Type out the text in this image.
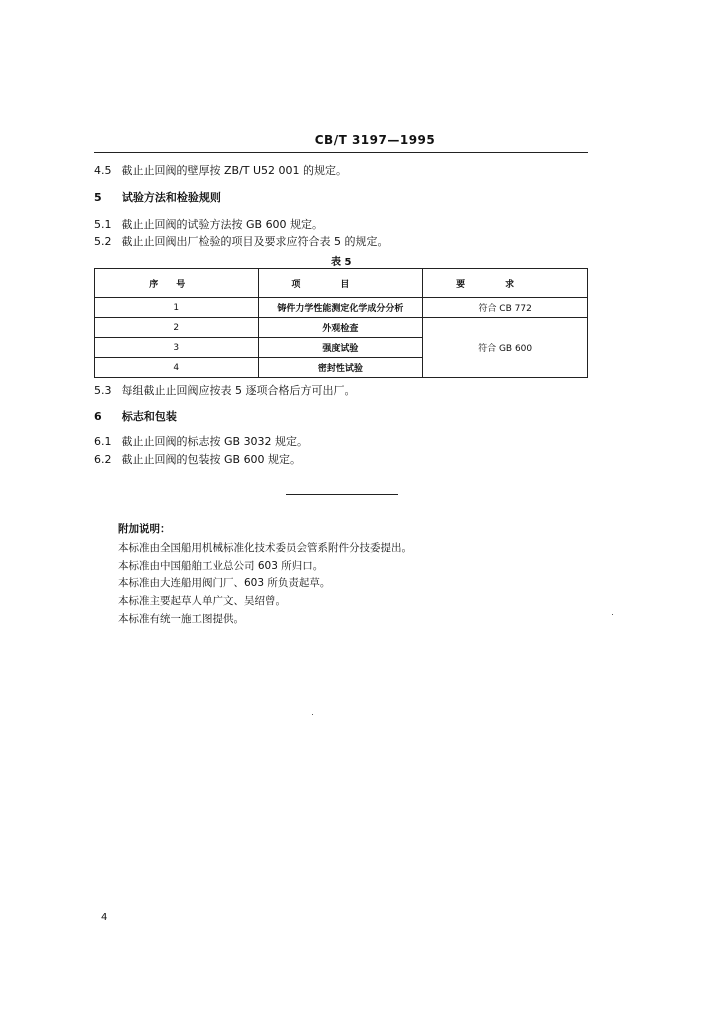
CB/T 3197—1995
4.5 截止止回阀的壁厚按 ZB/T U52 001 的规定。
5 试验方法和检验规则
5.1 截止止回阀的试验方法按 GB 600 规定。
5.2 截止止回阀出厂检验的项目及要求应符合表 5 的规定。
表 5
序号	项目	要求
1	铸件力学性能测定化学成分分析	符合 CB 772
2	外观检查	符合 GB 600
3	强度试验	
4	密封性试验	
5.3 每组截止止回阀应按表 5 逐项合格后方可出厂。
6 标志和包装
6.1 截止止回阀的标志按 GB 3032 规定。
6.2 截止止回阀的包装按 GB 600 规定。
附加说明：
本标准由全国船用机械标准化技术委员会管系附件分技委提出。
本标准由中国船舶工业总公司 603 所归口。
本标准由大连船用阀门厂、603 所负责起草。
本标准主要起草人单广文、吴绍曾。
本标准有统一施工图提供。
4
